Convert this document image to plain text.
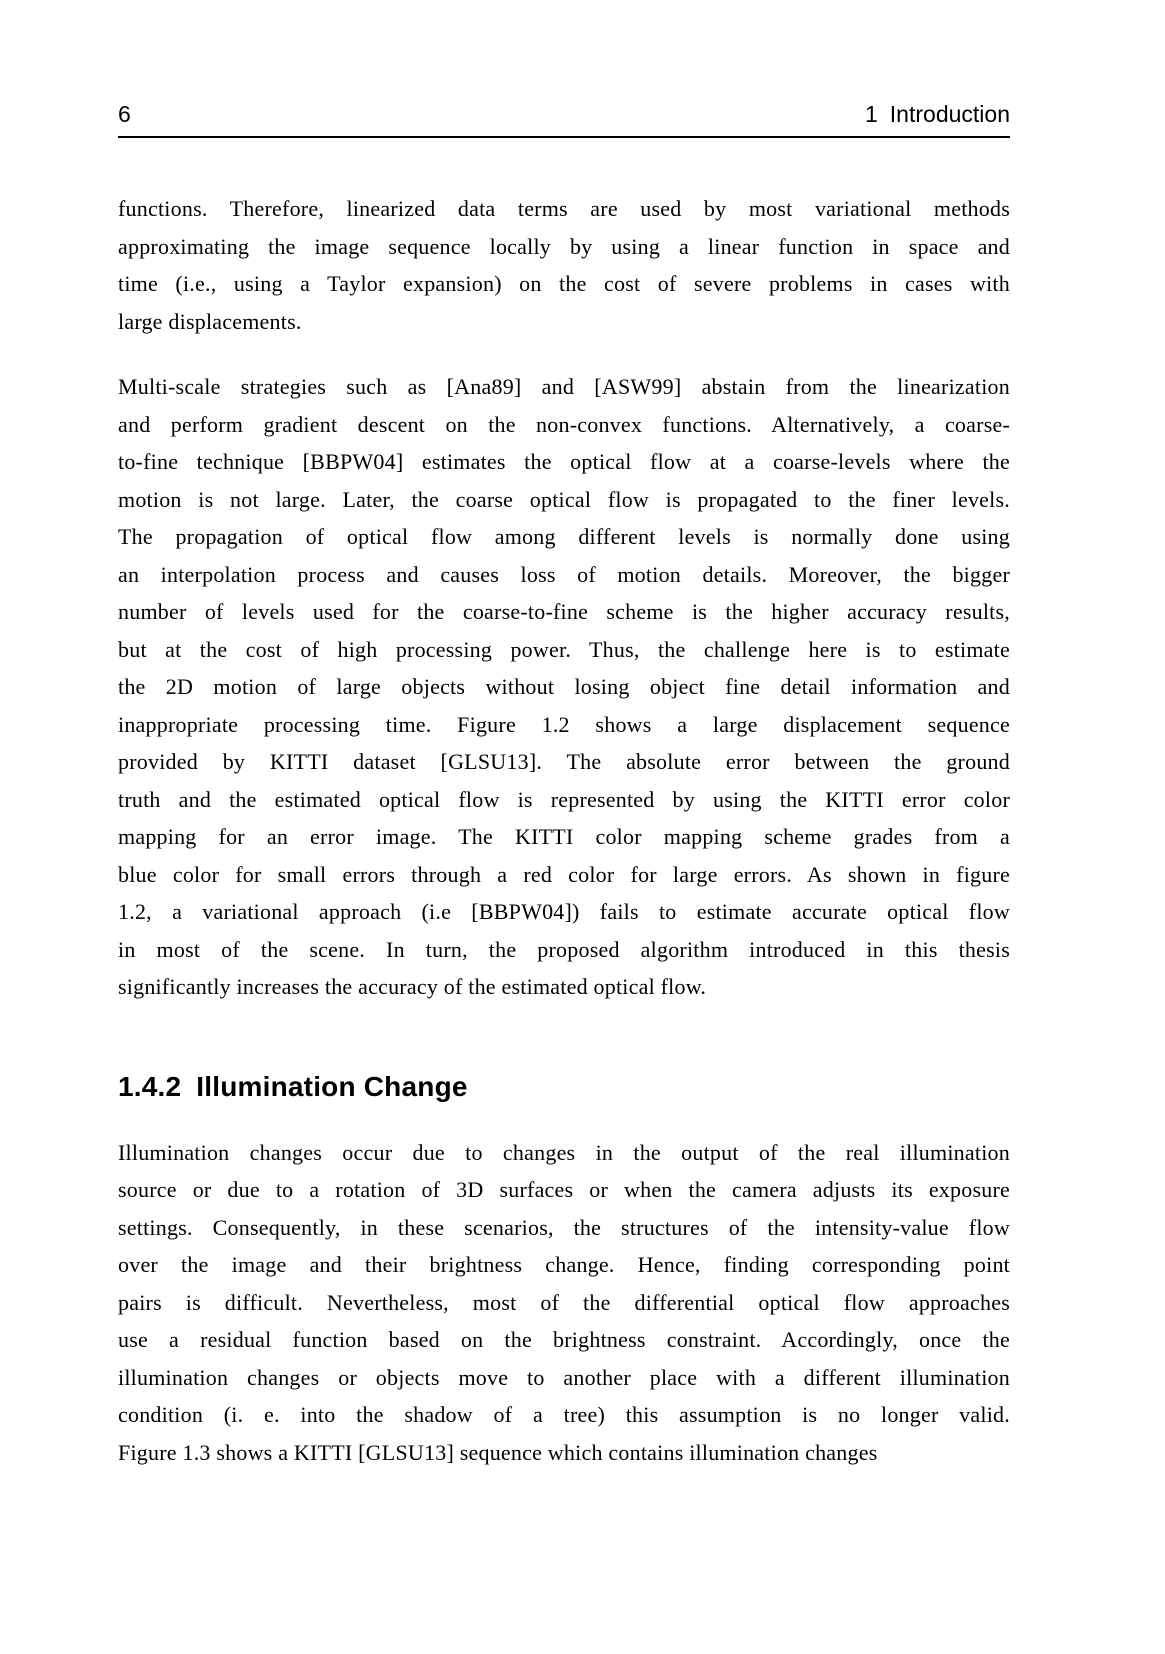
6	1 Introduction
functions. Therefore, linearized data terms are used by most variational methods
approximating the image sequence locally by using a linear function in space and
time (i.e., using a Taylor expansion) on the cost of severe problems in cases with
large displacements.
Multi-scale strategies such as [Ana89] and [ASW99] abstain from the linearization
and perform gradient descent on the non-convex functions. Alternatively, a coarse-
to-fine technique [BBPW04] estimates the optical flow at a coarse-levels where the
motion is not large. Later, the coarse optical flow is propagated to the finer levels.
The propagation of optical flow among different levels is normally done using
an interpolation process and causes loss of motion details. Moreover, the bigger
number of levels used for the coarse-to-fine scheme is the higher accuracy results,
but at the cost of high processing power. Thus, the challenge here is to estimate
the 2D motion of large objects without losing object fine detail information and
inappropriate processing time. Figure 1.2 shows a large displacement sequence
provided by KITTI dataset [GLSU13]. The absolute error between the ground
truth and the estimated optical flow is represented by using the KITTI error color
mapping for an error image. The KITTI color mapping scheme grades from a
blue color for small errors through a red color for large errors. As shown in figure
1.2, a variational approach (i.e [BBPW04]) fails to estimate accurate optical flow
in most of the scene. In turn, the proposed algorithm introduced in this thesis
significantly increases the accuracy of the estimated optical flow.
1.4.2 Illumination Change
Illumination changes occur due to changes in the output of the real illumination
source or due to a rotation of 3D surfaces or when the camera adjusts its exposure
settings. Consequently, in these scenarios, the structures of the intensity-value flow
over the image and their brightness change. Hence, finding corresponding point
pairs is difficult. Nevertheless, most of the differential optical flow approaches
use a residual function based on the brightness constraint. Accordingly, once the
illumination changes or objects move to another place with a different illumination
condition (i. e. into the shadow of a tree) this assumption is no longer valid.
Figure 1.3 shows a KITTI [GLSU13] sequence which contains illumination changes
